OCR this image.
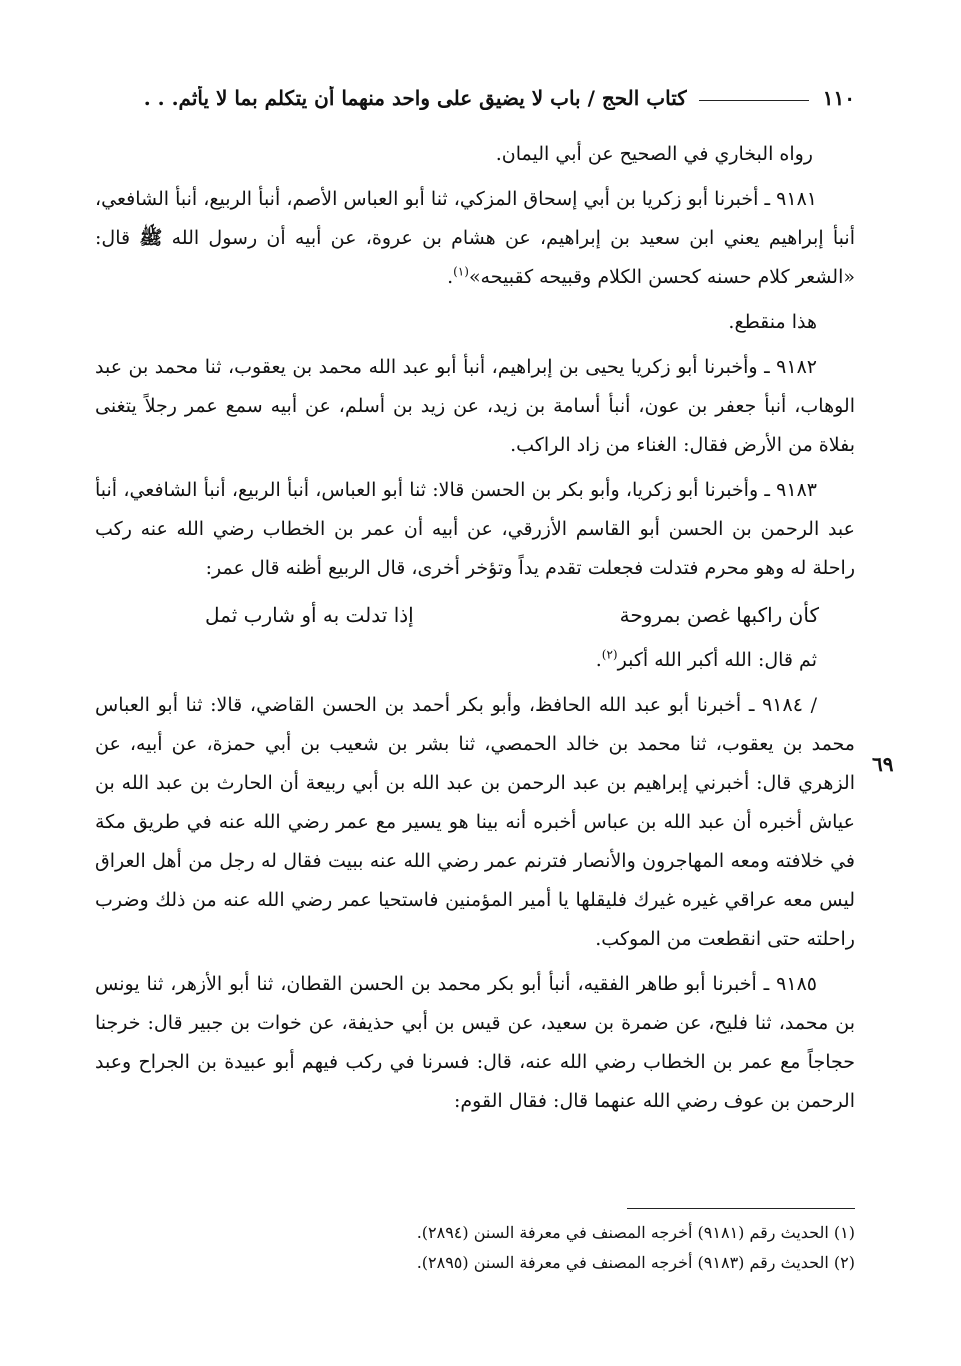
١١٠
كتاب الحج / باب لا يضيق على واحد منهما أن يتكلم بما لا يأثم. . .
٦٩

رواه البخاري في الصحيح عن أبي اليمان.

٩١٨١ ـ أخبرنا أبو زكريا بن أبي إسحاق المزكي، ثنا أبو العباس الأصم، أنبأ الربيع، أنبأ الشافعي، أنبأ إبراهيم يعني ابن سعيد بن إبراهيم، عن هشام بن عروة، عن أبيه أن رسول الله ﷺ قال: «الشعر كلام حسنه كحسن الكلام وقبيحه كقبيحه»$^{(١)}$.

هذا منقطع.

٩١٨٢ ـ وأخبرنا أبو زكريا يحيى بن إبراهيم، أنبأ أبو عبد الله محمد بن يعقوب، ثنا محمد بن عبد الوهاب، أنبأ جعفر بن عون، أنبأ أسامة بن زيد، عن زيد بن أسلم، عن أبيه سمع عمر رجلاً يتغنى بفلاة من الأرض فقال: الغناء من زاد الراكب.

٩١٨٣ ـ وأخبرنا أبو زكريا، وأبو بكر بن الحسن قالا: ثنا أبو العباس، أنبأ الربيع، أنبأ الشافعي، أنبأ عبد الرحمن بن الحسن أبو القاسم الأزرقي، عن أبيه أن عمر بن الخطاب رضي الله عنه ركب راحلة له وهو محرم فتدلت فجعلت تقدم يداً وتؤخر أخرى، قال الربيع أظنه قال عمر:

كأن راكبها غصن بمروحة
إذا تدلت به أو شارب ثمل

ثم قال: الله أكبر الله أكبر$^{(٢)}$.

/ ٩١٨٤ ـ أخبرنا أبو عبد الله الحافظ، وأبو بكر أحمد بن الحسن القاضي، قالا: ثنا أبو العباس محمد بن يعقوب، ثنا محمد بن خالد الحمصي، ثنا بشر بن شعيب بن أبي حمزة، عن أبيه، عن الزهري قال: أخبرني إبراهيم بن عبد الرحمن بن عبد الله بن أبي ربيعة أن الحارث بن عبد الله بن عياش أخبره أن عبد الله بن عباس أخبره أنه بينا هو يسير مع عمر رضي الله عنه في طريق مكة في خلافته ومعه المهاجرون والأنصار فترنم عمر رضي الله عنه ببيت فقال له رجل من أهل العراق ليس معه عراقي غيره غيرك فليقلها يا أمير المؤمنين فاستحيا عمر رضي الله عنه من ذلك وضرب راحلته حتى انقطعت من الموكب.

٩١٨٥ ـ أخبرنا أبو طاهر الفقيه، أنبأ أبو بكر محمد بن الحسن القطان، ثنا أبو الأزهر، ثنا يونس بن محمد، ثنا فليح، عن ضمرة بن سعيد، عن قيس بن أبي حذيفة، عن خوات بن جبير قال: خرجنا حجاجاً مع عمر بن الخطاب رضي الله عنه، قال: فسرنا في ركب فيهم أبو عبيدة بن الجراح وعبد الرحمن بن عوف رضي الله عنهما قال: فقال القوم:

(١) الحديث رقم (٩١٨١) أخرجه المصنف في معرفة السنن (٢٨٩٤).
(٢) الحديث رقم (٩١٨٣) أخرجه المصنف في معرفة السنن (٢٨٩٥).
